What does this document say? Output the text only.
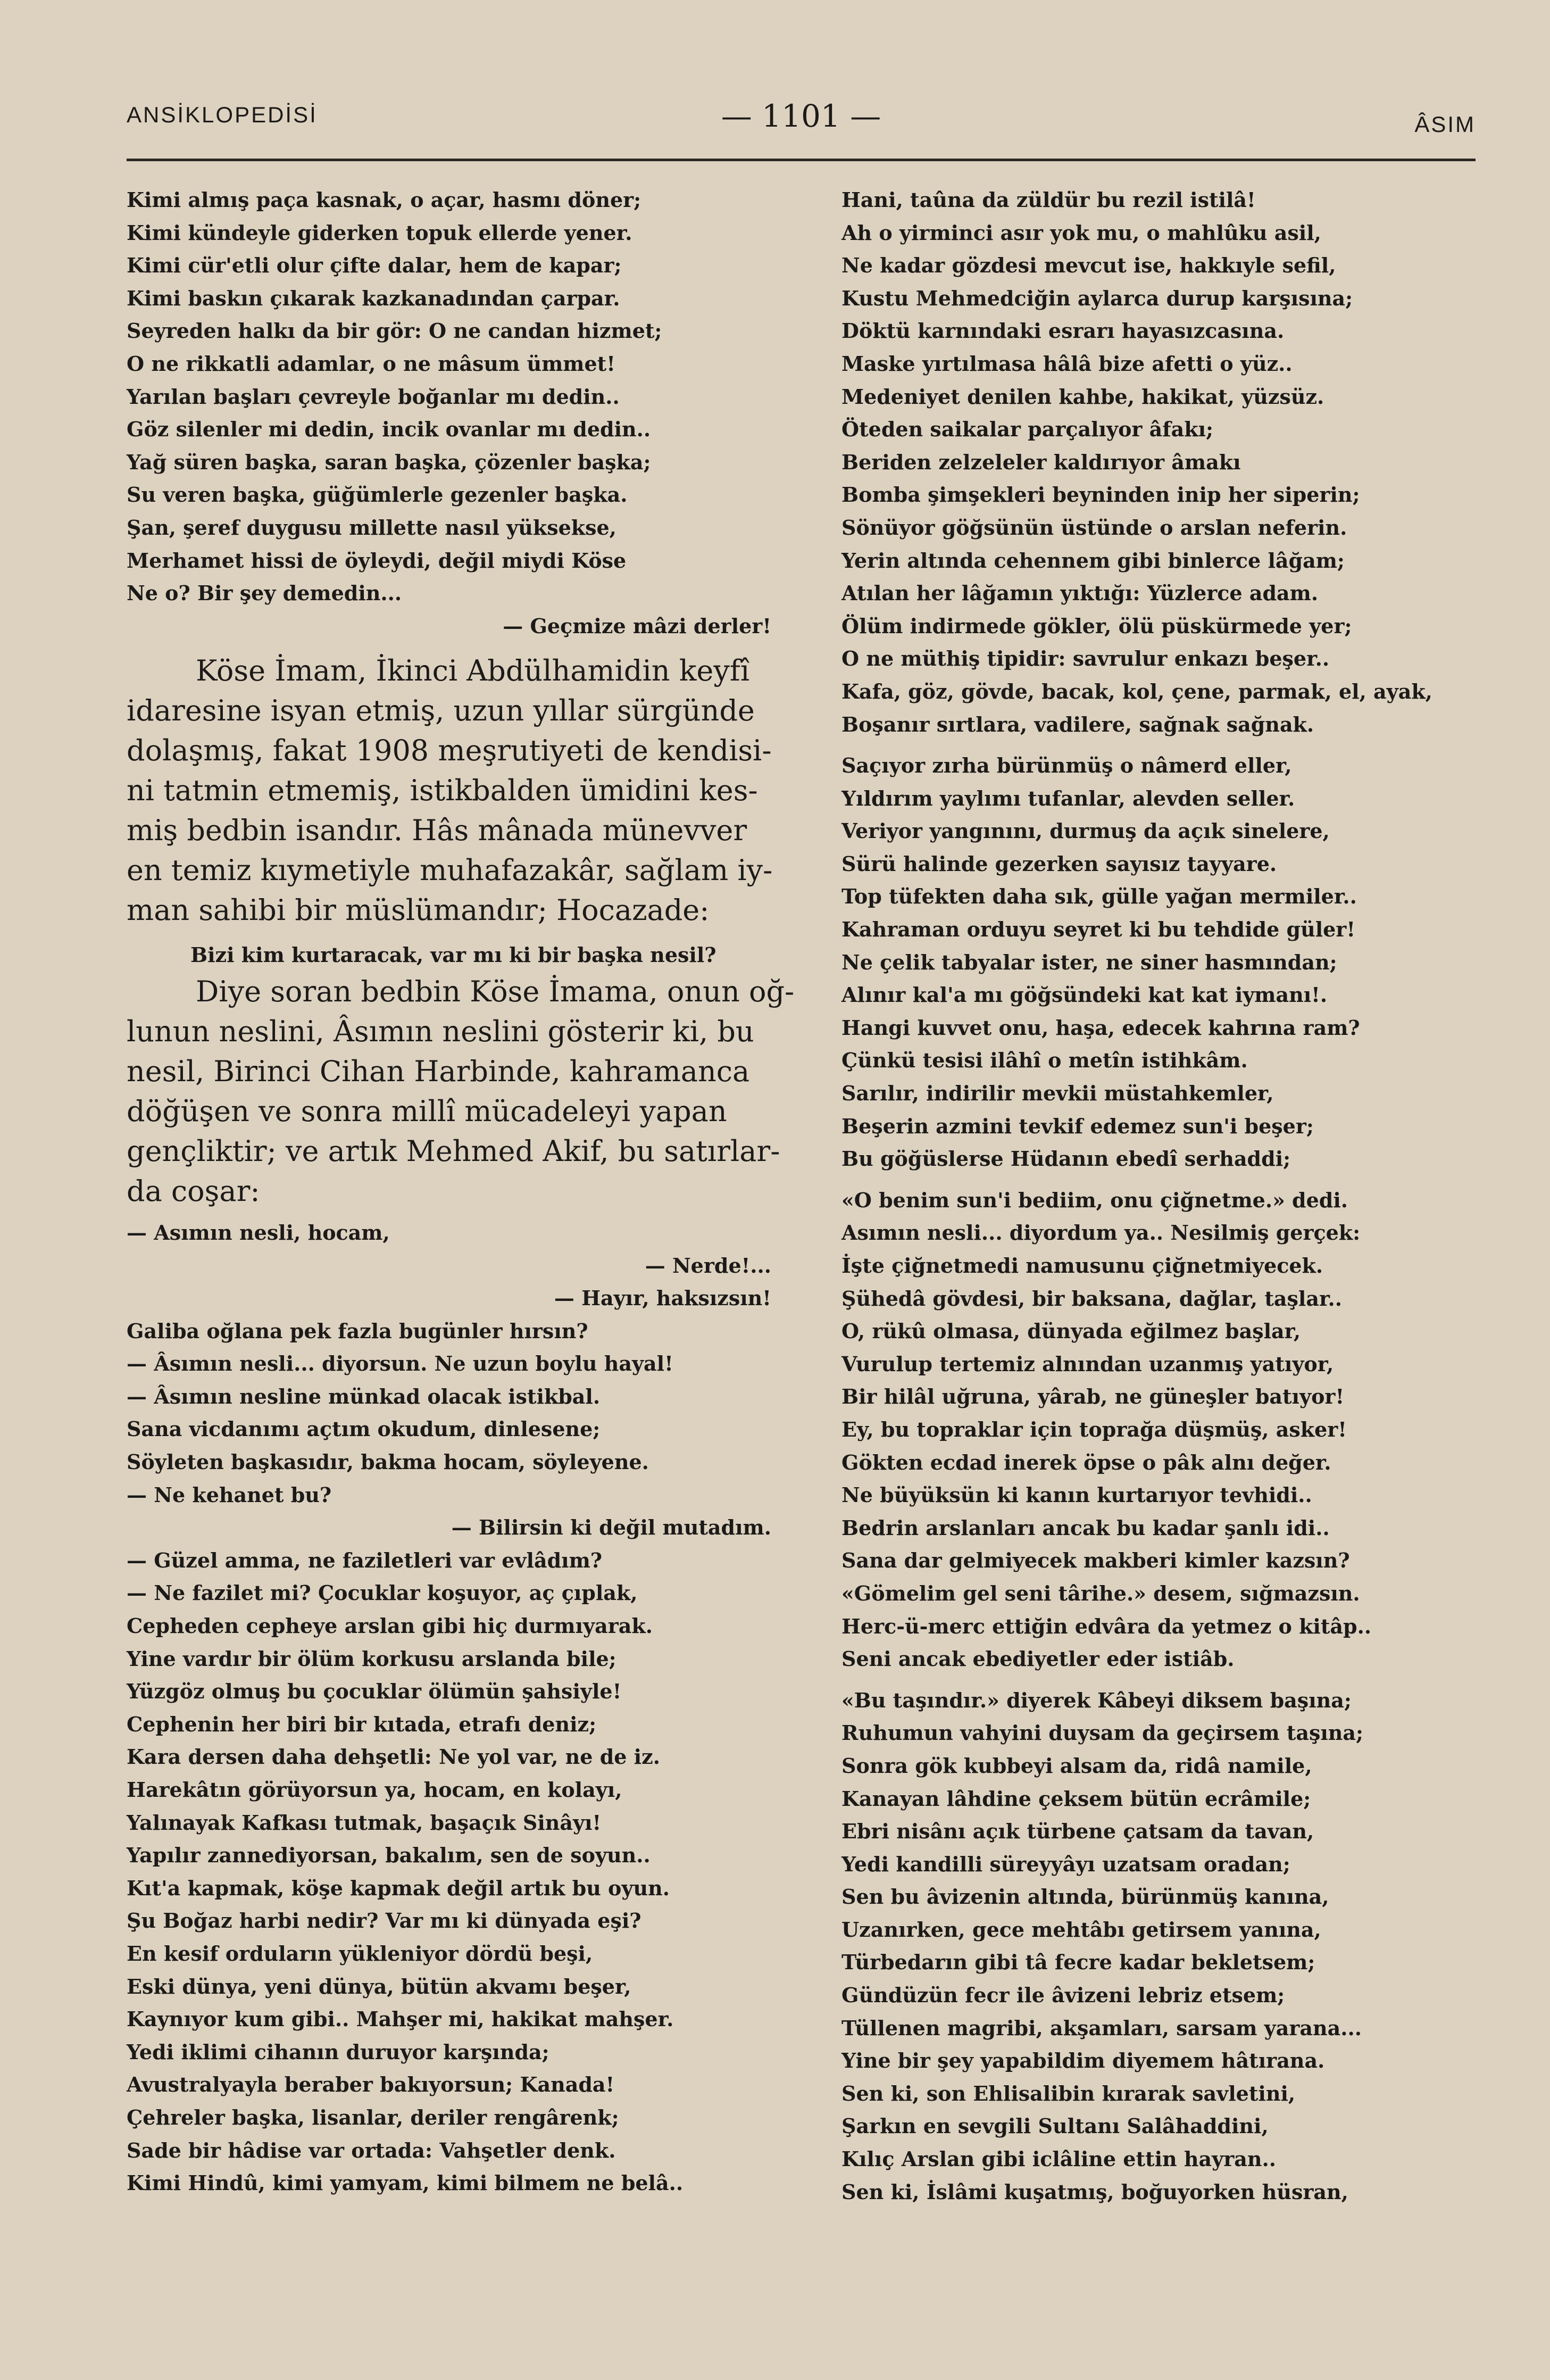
ANSİKLOPEDİSİ	— 1101 —	ÂSIM
Kimi almış paça kasnak, o açar, hasmı döner;
Kimi kündeyle giderken topuk ellerde yener.
Kimi cür'etli olur çifte dalar, hem de kapar;
Kimi baskın çıkarak kazkanadından çarpar.
Seyreden halkı da bir gör: O ne candan hizmet;
O ne rikkatli adamlar, o ne mâsum ümmet!
Yarılan başları çevreyle boğanlar mı dedin..
Göz silenler mi dedin, incik ovanlar mı dedin..
Yağ süren başka, saran başka, çözenler başka;
Su veren başka, güğümlerle gezenler başka.
Şan, şeref duygusu millette nasıl yüksekse,
Merhamet hissi de öyleydi, değil miydi Köse
Ne o? Bir şey demedin...
— Geçmize mâzi derler!
Köse İmam, İkinci Abdülhamidin keyfî
idaresine isyan etmiş, uzun yıllar sürgünde
dolaşmış, fakat 1908 meşrutiyeti de kendisi-
ni tatmin etmemiş, istikbalden ümidini kes-
miş bedbin isandır. Hâs mânada münevver
en temiz kıymetiyle muhafazakâr, sağlam iy-
man sahibi bir müslümandır; Hocazade:
Bizi kim kurtaracak, var mı ki bir başka nesil?
Diye soran bedbin Köse İmama, onun oğ-
lunun neslini, Âsımın neslini gösterir ki, bu
nesil, Birinci Cihan Harbinde, kahramanca
döğüşen ve sonra millî mücadeleyi yapan
gençliktir; ve artık Mehmed Akif, bu satırlar-
da coşar:
— Asımın nesli, hocam,
— Nerde!...
— Hayır, haksızsın!
Galiba oğlana pek fazla bugünler hırsın?
— Âsımın nesli... diyorsun. Ne uzun boylu hayal!
— Âsımın nesline münkad olacak istikbal.
Sana vicdanımı açtım okudum, dinlesene;
Söyleten başkasıdır, bakma hocam, söyleyene.
— Ne kehanet bu?
— Bilirsin ki değil mutadım.
— Güzel amma, ne faziletleri var evlâdım?
— Ne fazilet mi? Çocuklar koşuyor, aç çıplak,
Cepheden cepheye arslan gibi hiç durmıyarak.
Yine vardır bir ölüm korkusu arslanda bile;
Yüzgöz olmuş bu çocuklar ölümün şahsiyle!
Cephenin her biri bir kıtada, etrafı deniz;
Kara dersen daha dehşetli: Ne yol var, ne de iz.
Harekâtın görüyorsun ya, hocam, en kolayı,
Yalınayak Kafkası tutmak, başaçık Sinâyı!
Yapılır zannediyorsan, bakalım, sen de soyun..
Kıt'a kapmak, köşe kapmak değil artık bu oyun.
Şu Boğaz harbi nedir? Var mı ki dünyada eşi?
En kesif orduların yükleniyor dördü beşi,
Eski dünya, yeni dünya, bütün akvamı beşer,
Kaynıyor kum gibi.. Mahşer mi, hakikat mahşer.
Yedi iklimi cihanın duruyor karşında;
Avustralyayla beraber bakıyorsun; Kanada!
Çehreler başka, lisanlar, deriler rengârenk;
Sade bir hâdise var ortada: Vahşetler denk.
Kimi Hindû, kimi yamyam, kimi bilmem ne belâ..
Hani, taûna da züldür bu rezil istilâ!
Ah o yirminci asır yok mu, o mahlûku asil,
Ne kadar gözdesi mevcut ise, hakkıyle sefil,
Kustu Mehmedciğin aylarca durup karşısına;
Döktü karnındaki esrarı hayasızcasına.
Maske yırtılmasa hâlâ bize afetti o yüz..
Medeniyet denilen kahbe, hakikat, yüzsüz.
Öteden saikalar parçalıyor âfakı;
Beriden zelzeleler kaldırıyor âmakı
Bomba şimşekleri beyninden inip her siperin;
Sönüyor göğsünün üstünde o arslan neferin.
Yerin altında cehennem gibi binlerce lâğam;
Atılan her lâğamın yıktığı: Yüzlerce adam.
Ölüm indirmede gökler, ölü püskürmede yer;
O ne müthiş tipidir: savrulur enkazı beşer..
Kafa, göz, gövde, bacak, kol, çene, parmak, el, ayak,
Boşanır sırtlara, vadilere, sağnak sağnak.
Saçıyor zırha bürünmüş o nâmerd eller,
Yıldırım yaylımı tufanlar, alevden seller.
Veriyor yangınını, durmuş da açık sinelere,
Sürü halinde gezerken sayısız tayyare.
Top tüfekten daha sık, gülle yağan mermiler..
Kahraman orduyu seyret ki bu tehdide güler!
Ne çelik tabyalar ister, ne siner hasmından;
Alınır kal'a mı göğsündeki kat kat iymanı!.
Hangi kuvvet onu, haşa, edecek kahrına ram?
Çünkü tesisi ilâhî o metîn istihkâm.
Sarılır, indirilir mevkii müstahkemler,
Beşerin azmini tevkif edemez sun'i beşer;
Bu göğüslerse Hüdanın ebedî serhaddi;
«O benim sun'i bediim, onu çiğnetme.» dedi.
Asımın nesli... diyordum ya.. Nesilmiş gerçek:
İşte çiğnetmedi namusunu çiğnetmiyecek.
Şühedâ gövdesi, bir baksana, dağlar, taşlar..
O, rükû olmasa, dünyada eğilmez başlar,
Vurulup tertemiz alnından uzanmış yatıyor,
Bir hilâl uğruna, yârab, ne güneşler batıyor!
Ey, bu topraklar için toprağa düşmüş, asker!
Gökten ecdad inerek öpse o pâk alnı değer.
Ne büyüksün ki kanın kurtarıyor tevhidi..
Bedrin arslanları ancak bu kadar şanlı idi..
Sana dar gelmiyecek makberi kimler kazsın?
«Gömelim gel seni târihe.» desem, sığmazsın.
Herc-ü-merc ettiğin edvâra da yetmez o kitâp..
Seni ancak ebediyetler eder istiâb.
«Bu taşındır.» diyerek Kâbeyi diksem başına;
Ruhumun vahyini duysam da geçirsem taşına;
Sonra gök kubbeyi alsam da, ridâ namile,
Kanayan lâhdine çeksem bütün ecrâmile;
Ebri nisânı açık türbene çatsam da tavan,
Yedi kandilli süreyyâyı uzatsam oradan;
Sen bu âvizenin altında, bürünmüş kanına,
Uzanırken, gece mehtâbı getirsem yanına,
Türbedarın gibi tâ fecre kadar bekletsem;
Gündüzün fecr ile âvizeni lebriz etsem;
Tüllenen magribi, akşamları, sarsam yarana...
Yine bir şey yapabildim diyemem hâtırana.
Sen ki, son Ehlisalibin kırarak savletini,
Şarkın en sevgili Sultanı Salâhaddini,
Kılıç Arslan gibi iclâline ettin hayran..
Sen ki, İslâmi kuşatmış, boğuyorken hüsran,
